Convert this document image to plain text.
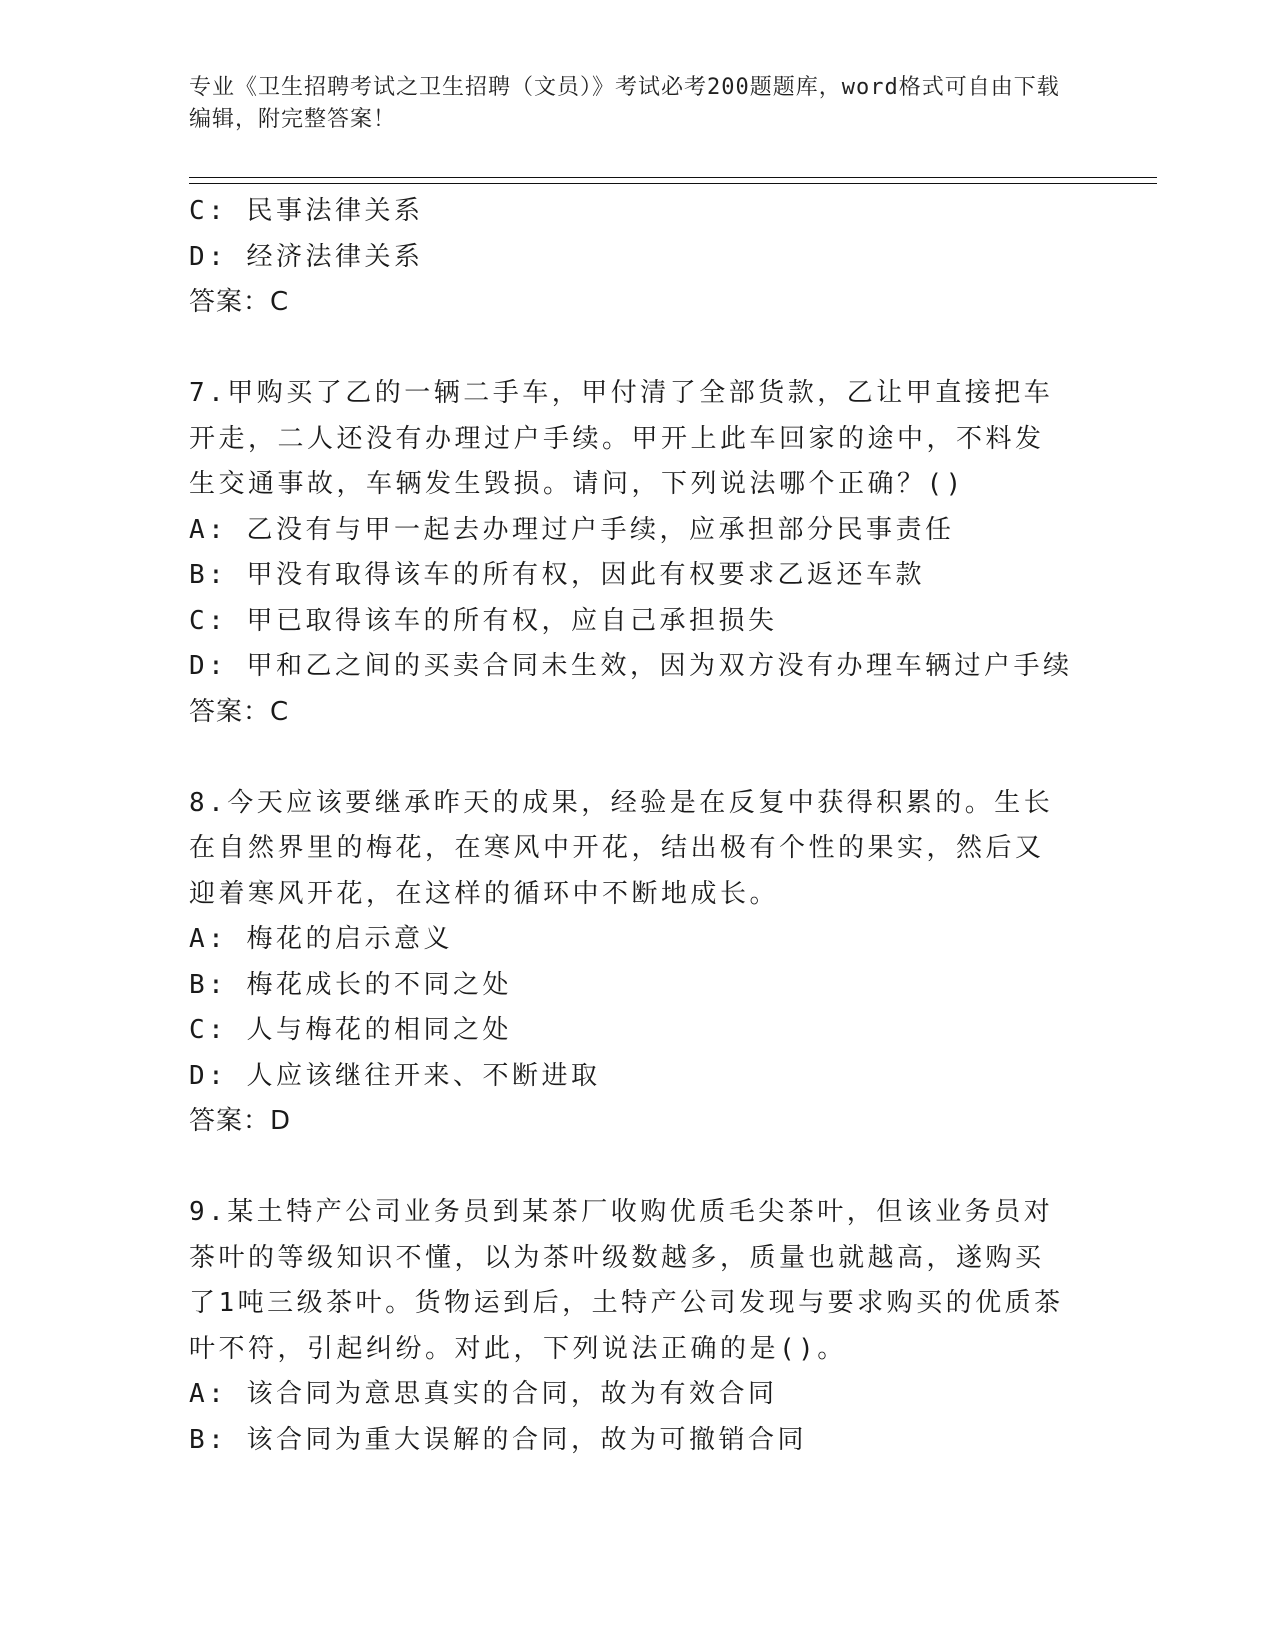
专业《卫生招聘考试之卫生招聘（文员）》考试必考200题题库，word格式可自由下载编辑，附完整答案！
C: 民事法律关系
D: 经济法律关系
答案：C
7.甲购买了乙的一辆二手车，甲付清了全部货款，乙让甲直接把车开走，二人还没有办理过户手续。甲开上此车回家的途中，不料发生交通事故，车辆发生毁损。请问，下列说法哪个正确？()
A: 乙没有与甲一起去办理过户手续，应承担部分民事责任
B: 甲没有取得该车的所有权，因此有权要求乙返还车款
C: 甲已取得该车的所有权，应自己承担损失
D: 甲和乙之间的买卖合同未生效，因为双方没有办理车辆过户手续
答案：C
8.今天应该要继承昨天的成果，经验是在反复中获得积累的。生长在自然界里的梅花，在寒风中开花，结出极有个性的果实，然后又迎着寒风开花，在这样的循环中不断地成长。
A: 梅花的启示意义
B: 梅花成长的不同之处
C: 人与梅花的相同之处
D: 人应该继往开来、不断进取
答案：D
9.某土特产公司业务员到某茶厂收购优质毛尖茶叶，但该业务员对茶叶的等级知识不懂，以为茶叶级数越多，质量也就越高，遂购买了1吨三级茶叶。货物运到后，土特产公司发现与要求购买的优质茶叶不符，引起纠纷。对此，下列说法正确的是()。
A: 该合同为意思真实的合同，故为有效合同
B: 该合同为重大误解的合同，故为可撤销合同
